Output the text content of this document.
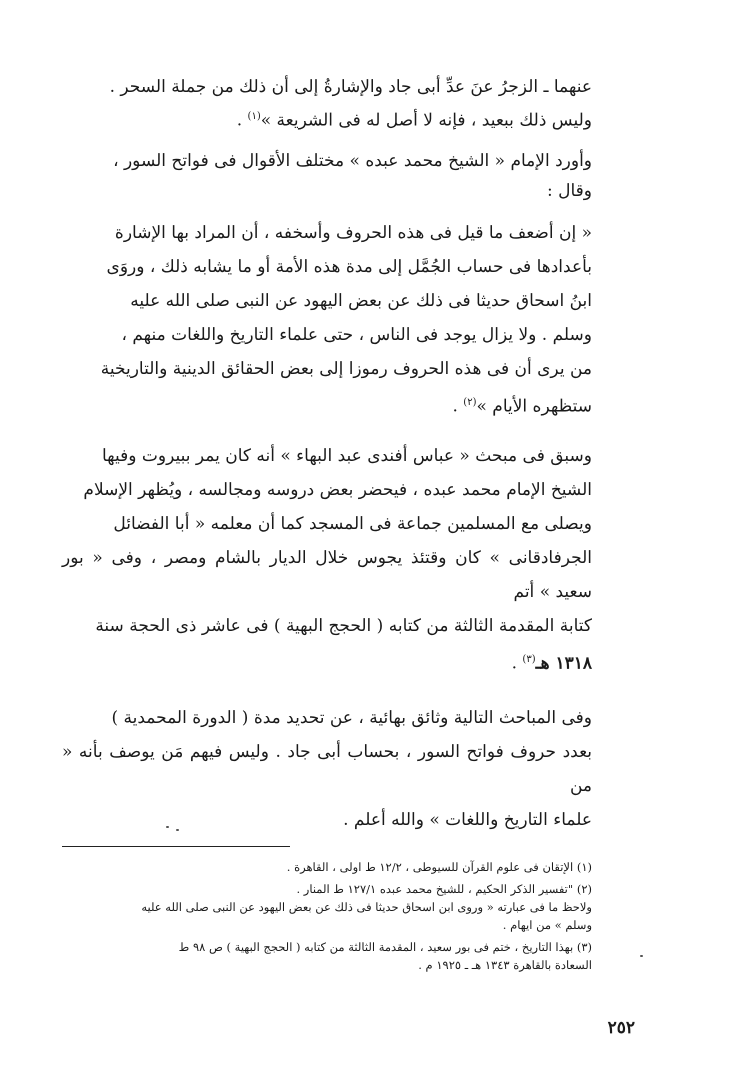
عنهما ـ الزجرُ عنَ عدِّ أبى جاد والإشارةُ إلى أن ذلك من جملة السحر .
وليس ذلك ببعيد ، فإنه لا أصل له فى الشريعة »$^{(١)}$ .

وأورد الإمام « الشيخ محمد عبده » مختلف الأقوال فى فواتح السور ،
وقال :

« إن أضعف ما قيل فى هذه الحروف وأسخفه ، أن المراد بها الإشارة
بأعدادها فى حساب الجُمَّل إلى مدة هذه الأمة أو ما يشابه ذلك ، وروَى
ابنُ اسحاق حديثا فى ذلك عن بعض اليهود عن النبى صلى الله عليه
وسلم . ولا يزال يوجد فى الناس ، حتى علماء التاريخ واللغات منهم ،
من يرى أن فى هذه الحروف رموزا إلى بعض الحقائق الدينية والتاريخية
ستظهره الأيام »$^{(٢)}$ .

وسبق فى مبحث « عباس أفندى عبد البهاء » أنه كان يمر ببيروت وفيها
الشيخ الإمام محمد عبده ، فيحضر بعض دروسه ومجالسه ، ويُظهر الإسلام
ويصلى مع المسلمين جماعة فى المسجد كما أن معلمه « أبا الفضائل
الجرفادقانى » كان وقتئذ يجوس خلال الديار بالشام ومصر ، وفى « بور سعيد » أتم
كتابة المقدمة الثالثة من كتابه ( الحجج البهية ) فى عاشر ذى الحجة سنة
١٣١٨ هـ$^{(٣)}$ .

وفى المباحث التالية وثائق بهائية ، عن تحديد مدة ( الدورة المحمدية )
بعدد حروف فواتح السور ، بحساب أبى جاد . وليس فيهم مَن يوصف بأنه « من
علماء التاريخ واللغات » والله أعلم .

(١) الإتقان فى علوم القرآن للسيوطى ، ١٢/٢ ط اولى ، القاهرة .

(٢) "تفسير الذكر الحكيم ، للشيخ محمد عبده ١٢٧/١ ط المنار .
ولاحظ ما فى عبارته « وروى ابن اسحاق حديثا فى ذلك عن بعض اليهود عن النبى صلى الله عليه
وسلم » من ايهام .

(٣) بهذا التاريخ ، ختم فى بور سعيد ، المقدمة الثالثة من كتابه ( الحجج البهية ) ص ٩٨ ط
السعادة بالقاهرة ١٣٤٣ هـ ـ ١٩٢٥ م .

٢٥٢
